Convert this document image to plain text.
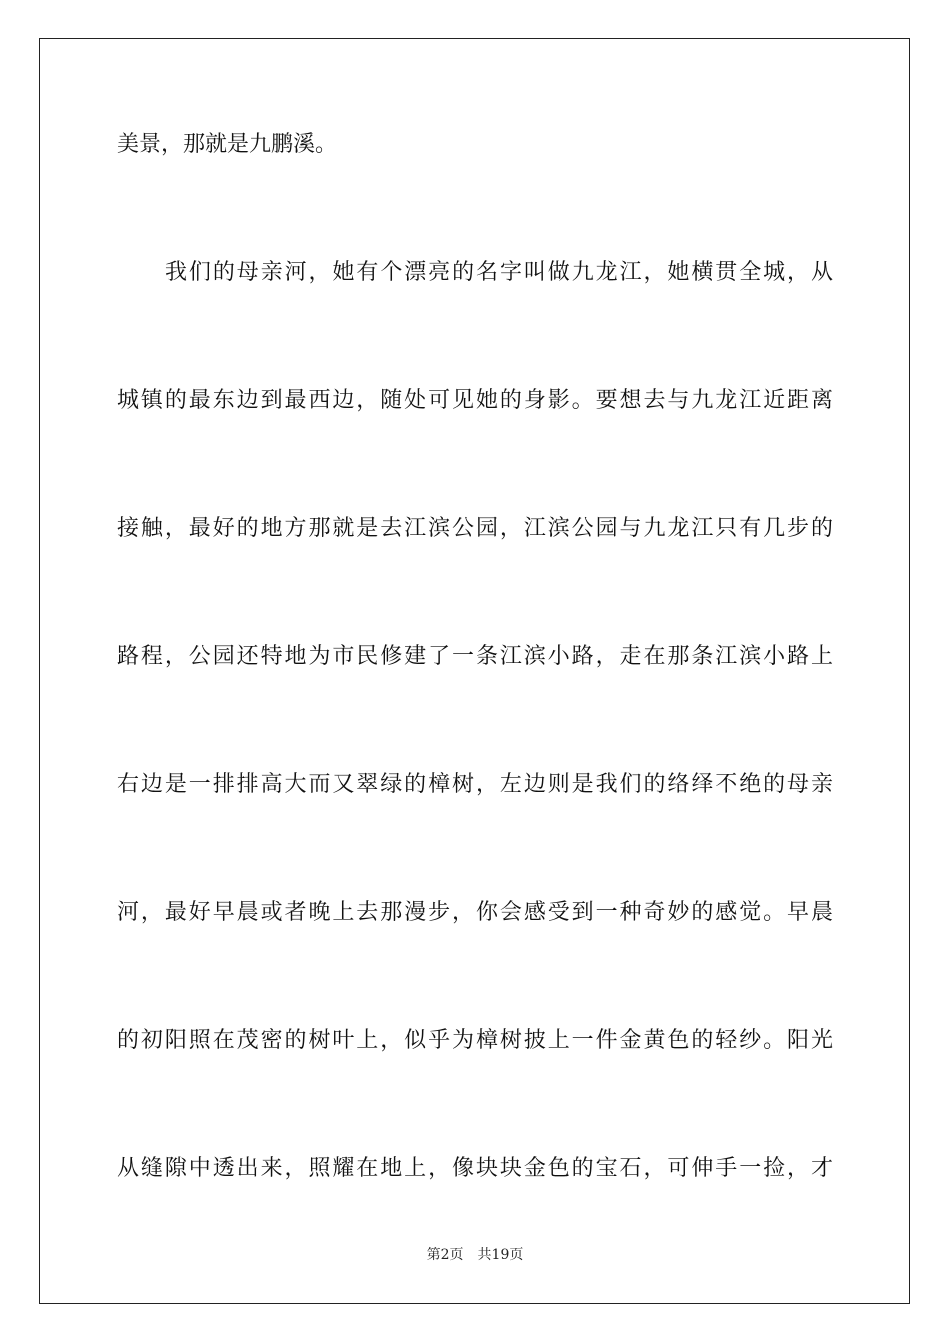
美景，那就是九鹏溪。
我们的母亲河，她有个漂亮的名字叫做九龙江，她横贯全城，从
城镇的最东边到最西边，随处可见她的身影。要想去与九龙江近距离
接触，最好的地方那就是去江滨公园，江滨公园与九龙江只有几步的
路程，公园还特地为市民修建了一条江滨小路，走在那条江滨小路上
右边是一排排高大而又翠绿的樟树，左边则是我们的络绎不绝的母亲
河，最好早晨或者晚上去那漫步，你会感受到一种奇妙的感觉。早晨
的初阳照在茂密的树叶上，似乎为樟树披上一件金黄色的轻纱。阳光
从缝隙中透出来，照耀在地上，像块块金色的宝石，可伸手一捡，才
第2页 共19页
